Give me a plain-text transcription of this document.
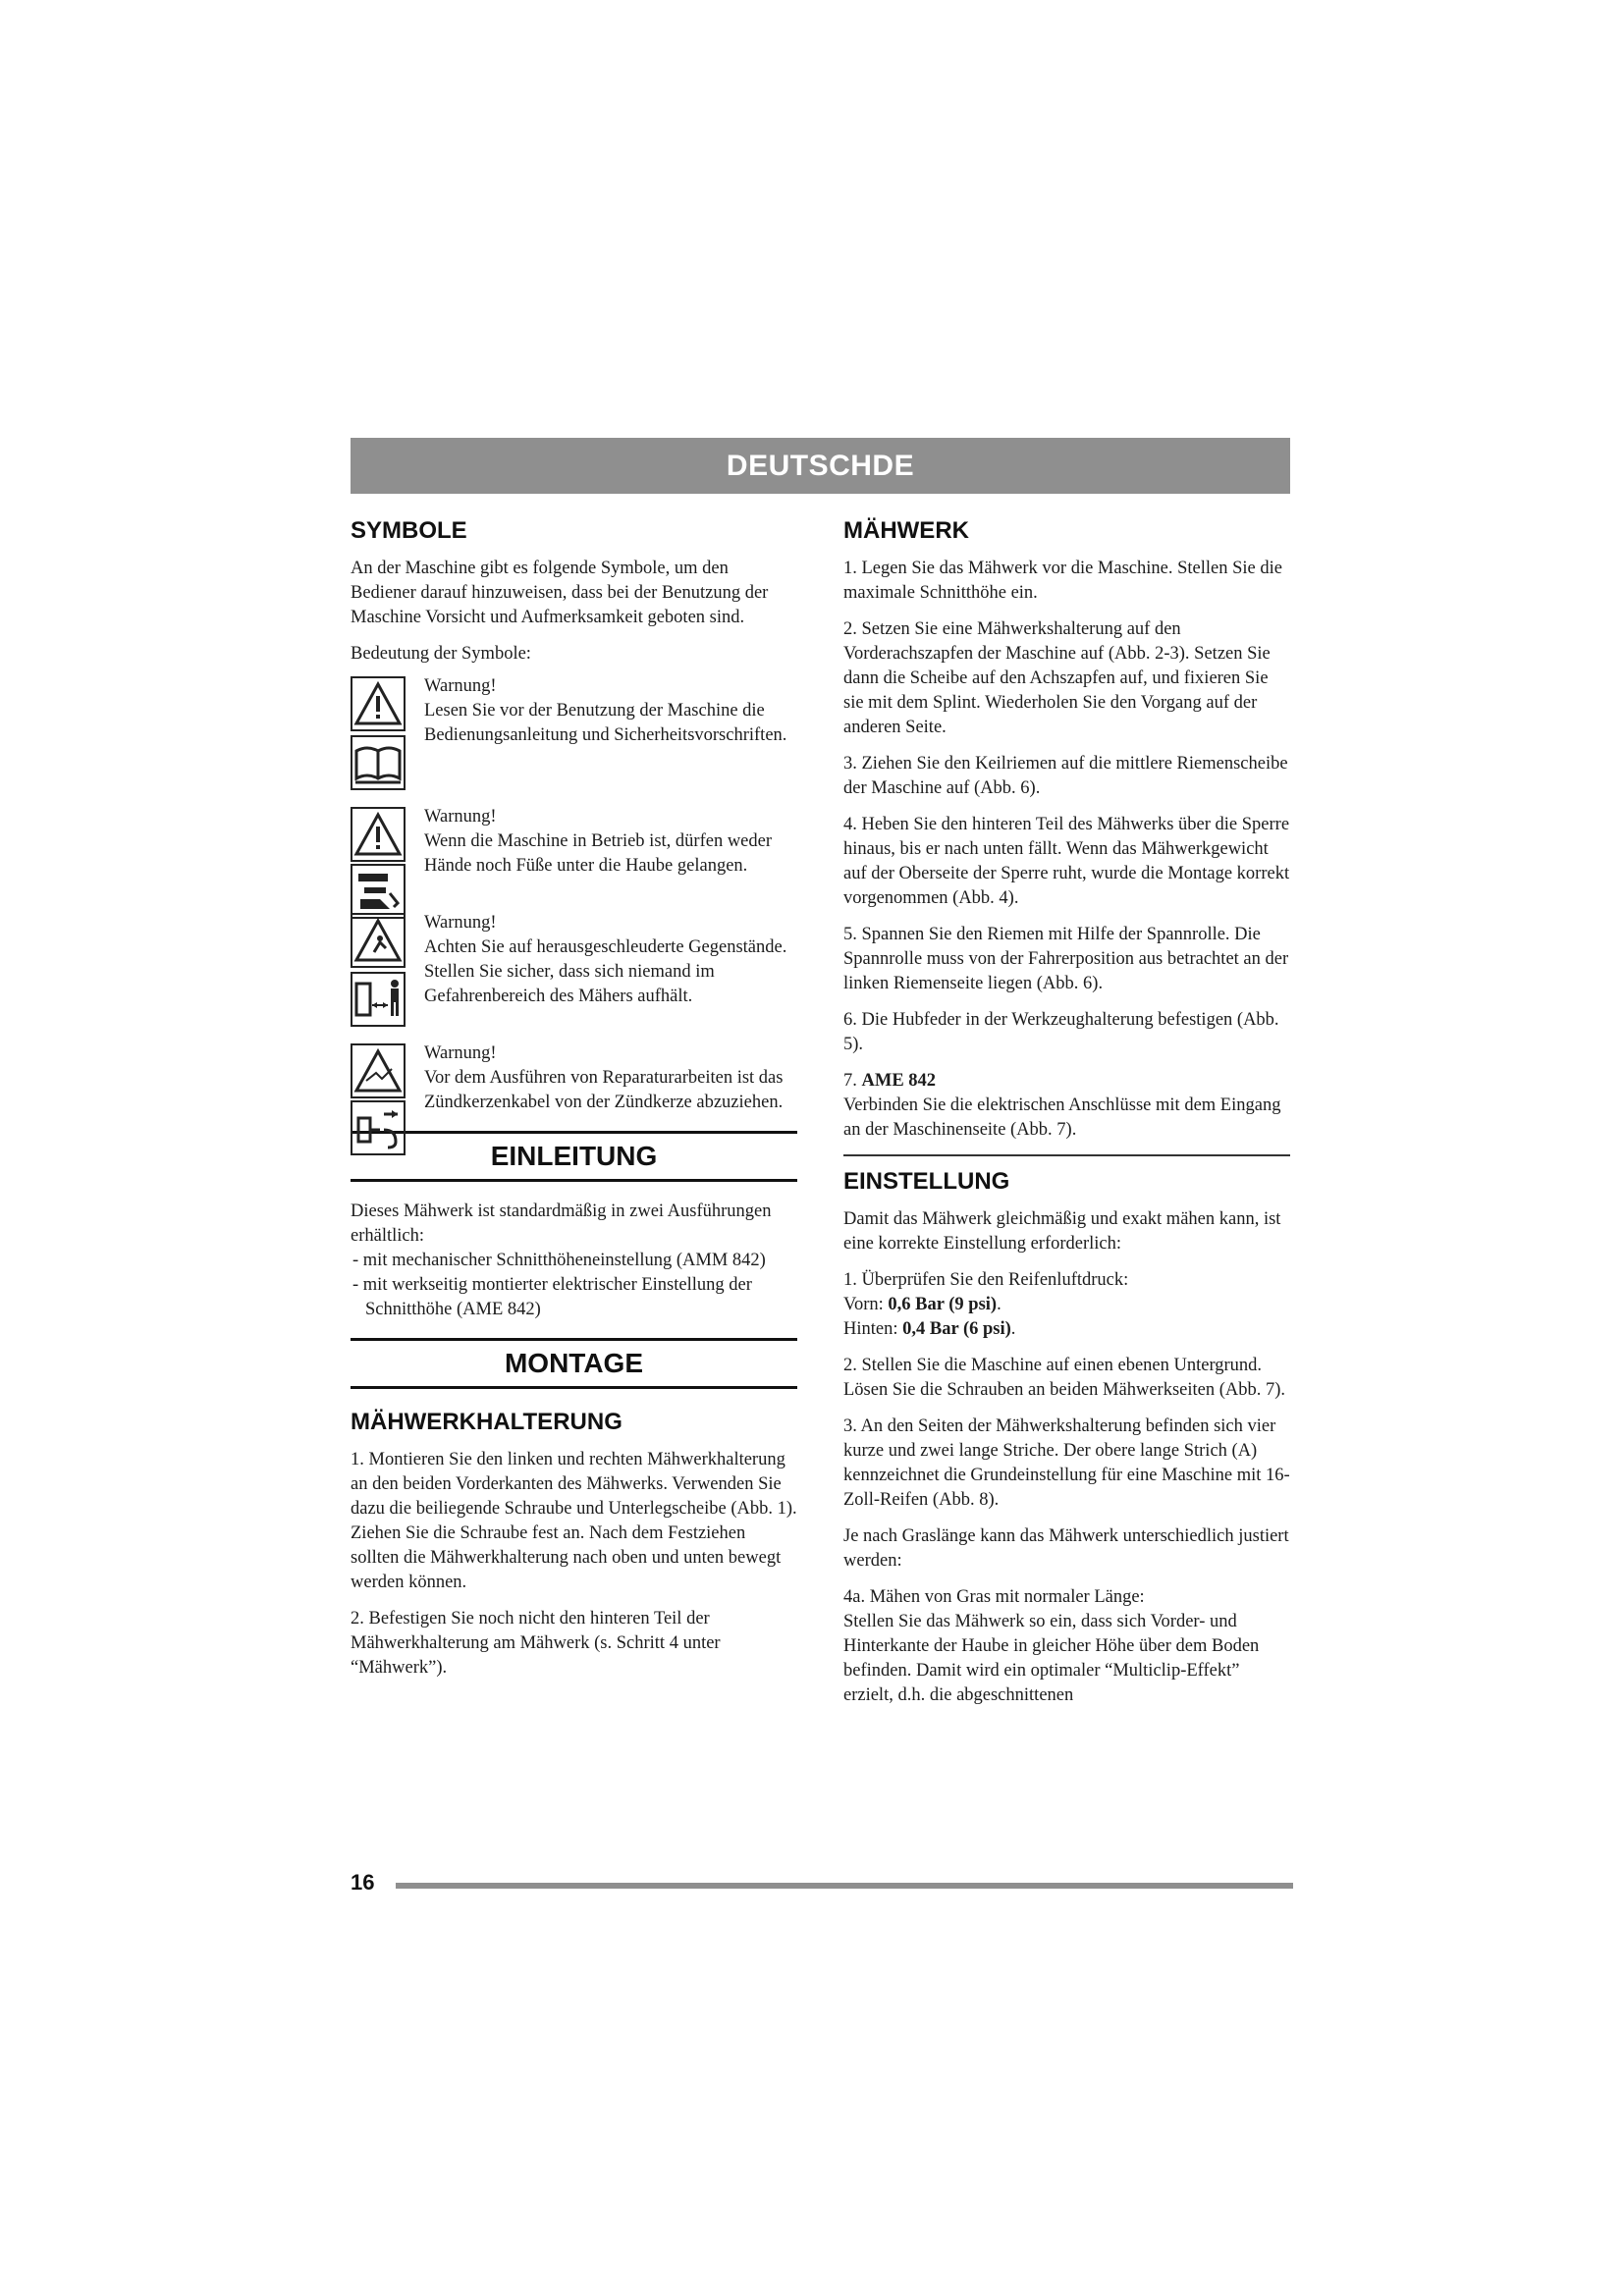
DEUTSCHDE
SYMBOLE

An der Maschine gibt es folgende Symbole, um den Bediener darauf hinzuweisen, dass bei der Benutzung der Maschine Vorsicht und Aufmerksamkeit geboten sind.

Bedeutung der Symbole:

Warnung!

Lesen Sie vor der Benutzung der Maschine die Bedienungsanleitung und Sicherheitsvorschriften.

Warnung!

Wenn die Maschine in Betrieb ist, dürfen weder Hände noch Füße unter die Haube gelangen.

Warnung!

Achten Sie auf herausgeschleuderte Gegenstände. Stellen Sie sicher, dass sich niemand im Gefahrenbereich des Mähers aufhält.

Warnung!

Vor dem Ausführen von Reparaturarbeiten ist das Zündkerzenkabel von der Zündkerze abzuziehen.

EINLEITUNG

Dieses Mähwerk ist standardmäßig in zwei Ausführungen erhältlich:

- mit mechanischer Schnitthöheneinstellung (AMM 842)
- mit werkseitig montierter elektrischer Einstellung der Schnitthöhe (AME 842)
MONTAGE
MÄHWERKHALTERUNG

1. Montieren Sie den linken und rechten Mähwerkhalterung an den beiden Vorderkanten des Mähwerks. Verwenden Sie dazu die beiliegende Schraube und Unterlegscheibe (Abb. 1). Ziehen Sie die Schraube fest an. Nach dem Festziehen sollten die Mähwerkhalterung nach oben und unten bewegt werden können.

2. Befestigen Sie noch nicht den hinteren Teil der Mähwerkhalterung am Mähwerk (s. Schritt 4 unter “Mähwerk”).

MÄHWERK

1. Legen Sie das Mähwerk vor die Maschine. Stellen Sie die maximale Schnitthöhe ein.

2. Setzen Sie eine Mähwerkshalterung auf den Vorderachszapfen der Maschine auf (Abb. 2-3). Setzen Sie dann die Scheibe auf den Achszapfen auf, und fixieren Sie sie mit dem Splint. Wiederholen Sie den Vorgang auf der anderen Seite.

3. Ziehen Sie den Keilriemen auf die mittlere Riemenscheibe der Maschine auf (Abb. 6).

4. Heben Sie den hinteren Teil des Mähwerks über die Sperre hinaus, bis er nach unten fällt. Wenn das Mähwerkgewicht auf der Oberseite der Sperre ruht, wurde die Montage korrekt vorgenommen (Abb. 4).

5. Spannen Sie den Riemen mit Hilfe der Spannrolle. Die Spannrolle muss von der Fahrerposition aus betrachtet an der linken Riemenseite liegen (Abb. 6).

6. Die Hubfeder in der Werkzeughalterung befestigen (Abb. 5).

7. AME 842

Verbinden Sie die elektrischen Anschlüsse mit dem Eingang an der Maschinenseite (Abb. 7).

EINSTELLUNG

Damit das Mähwerk gleichmäßig und exakt mähen kann, ist eine korrekte Einstellung erforderlich:

1. Überprüfen Sie den Reifenluftdruck:

Vorn: 0,6 Bar (9 psi).

Hinten: 0,4 Bar (6 psi).

2. Stellen Sie die Maschine auf einen ebenen Untergrund. Lösen Sie die Schrauben an beiden Mähwerkseiten (Abb. 7).

3. An den Seiten der Mähwerkshalterung befinden sich vier kurze und zwei lange Striche. Der obere lange Strich (A) kennzeichnet die Grundeinstellung für eine Maschine mit 16-Zoll-Reifen (Abb. 8).

Je nach Graslänge kann das Mähwerk unterschiedlich justiert werden:

4a. Mähen von Gras mit normaler Länge:

Stellen Sie das Mähwerk so ein, dass sich Vorder- und Hinterkante der Haube in gleicher Höhe über dem Boden befinden. Damit wird ein optimaler “Multiclip-Effekt” erzielt, d.h. die abgeschnittenen

16
